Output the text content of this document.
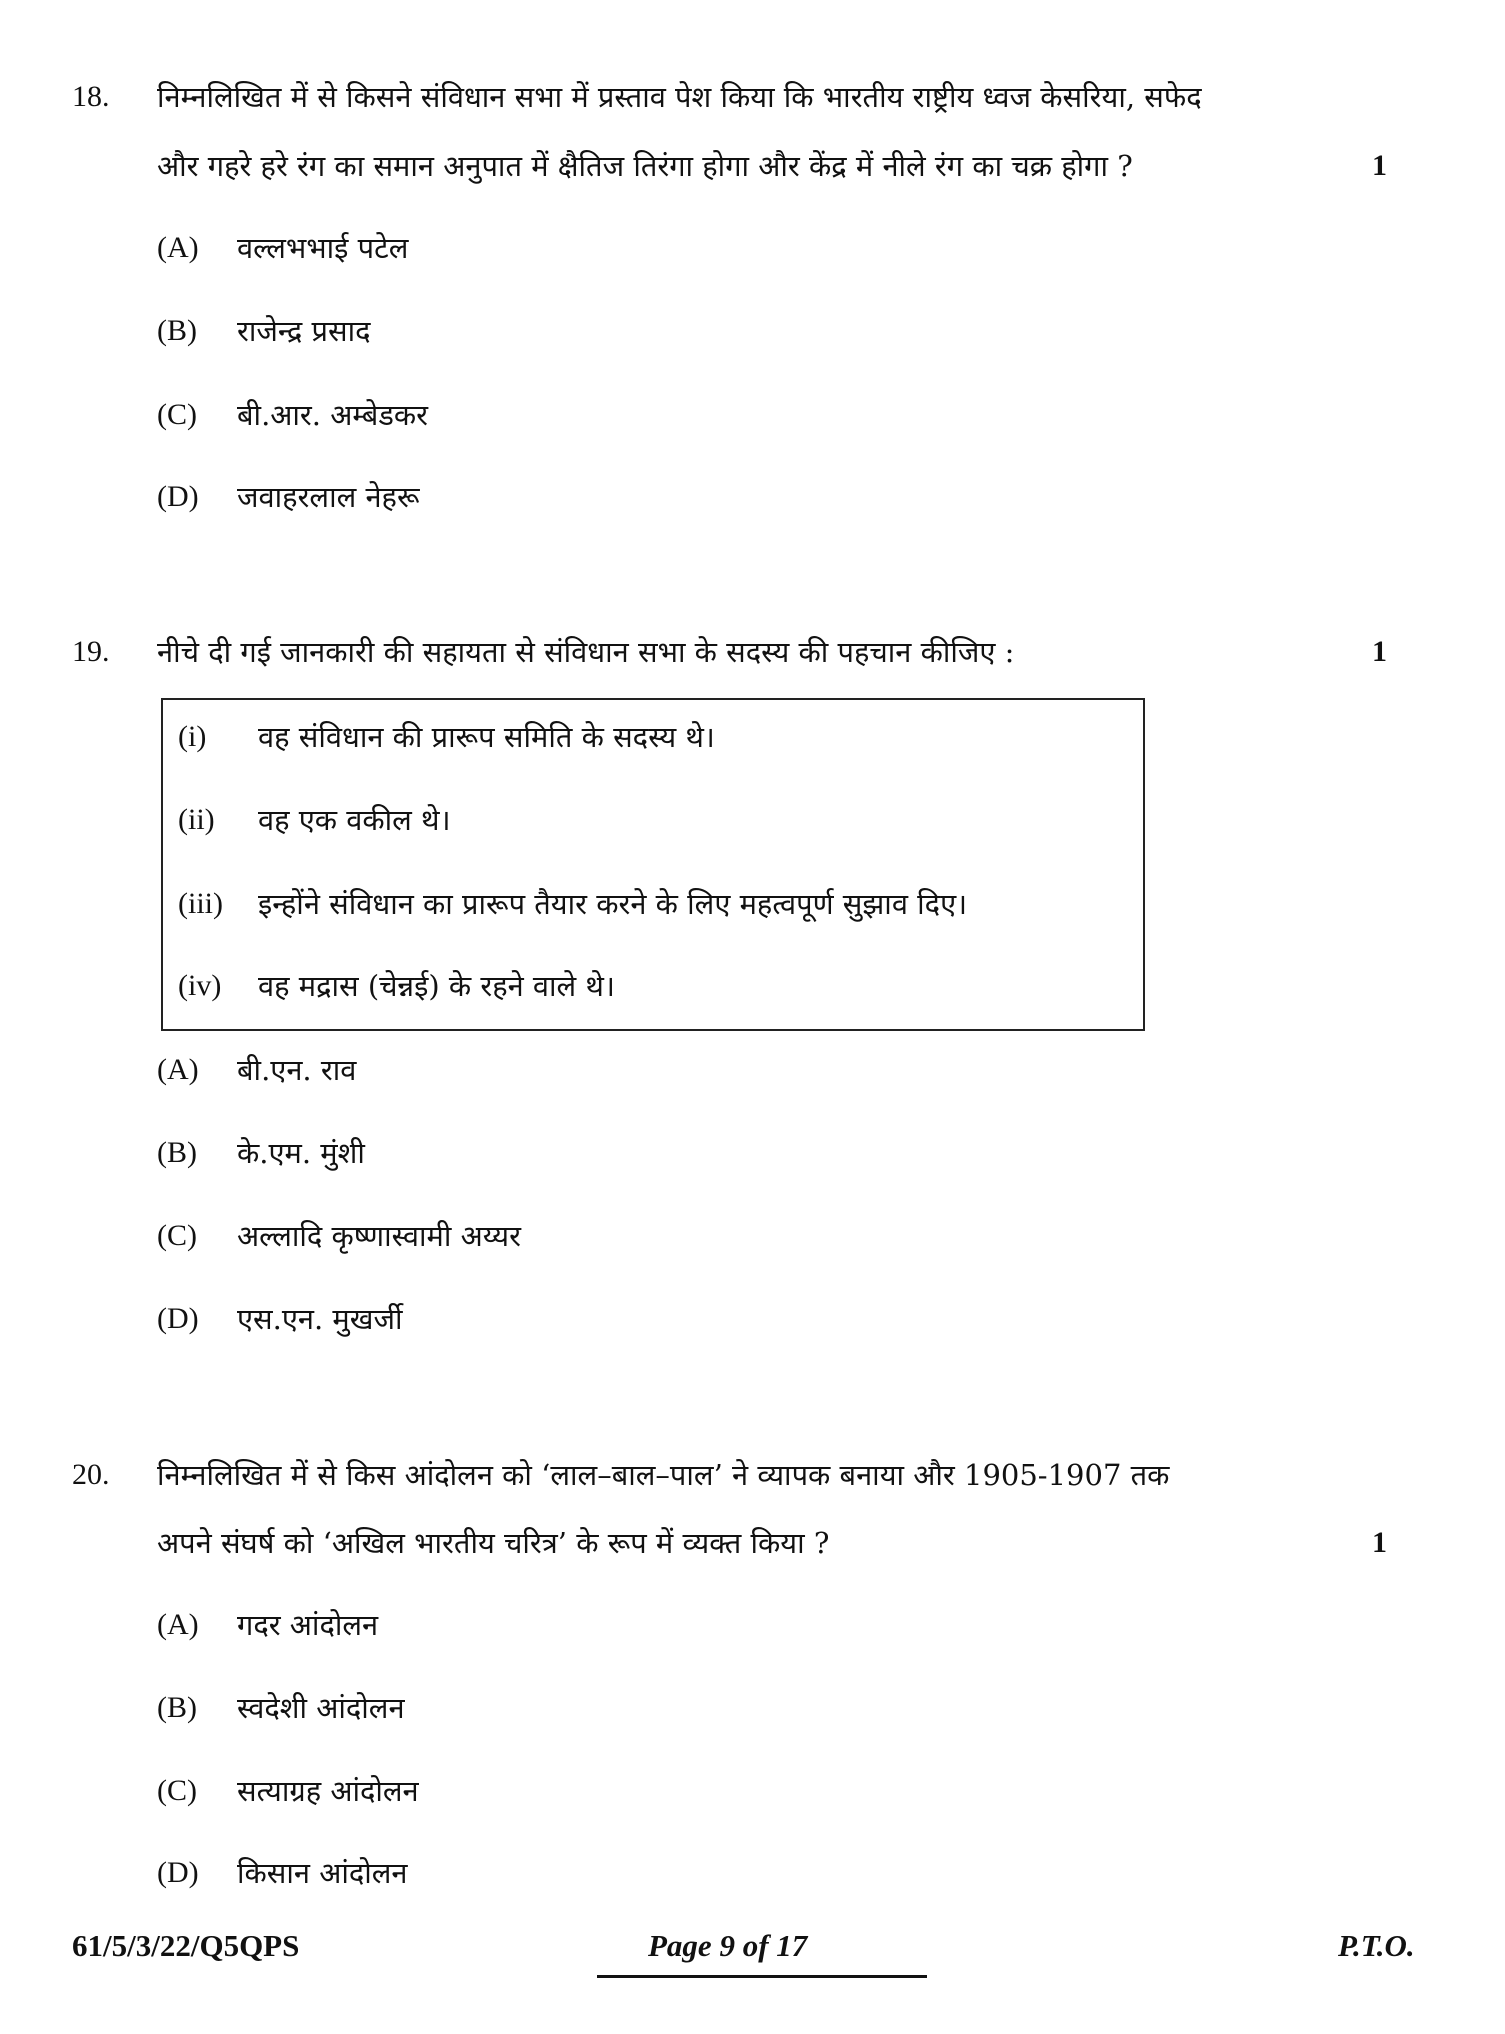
18. निम्नलिखित में से किसने संविधान सभा में प्रस्ताव पेश किया कि भारतीय राष्ट्रीय ध्वज केसरिया, सफेद
और गहरे हरे रंग का समान अनुपात में क्षैतिज तिरंगा होगा और केंद्र में नीले रंग का चक्र होगा ?	1
(A) वल्लभभाई पटेल
(B) राजेन्द्र प्रसाद
(C) बी.आर. अम्बेडकर
(D) जवाहरलाल नेहरू
19. नीचे दी गई जानकारी की सहायता से संविधान सभा के सदस्य की पहचान कीजिए :	1
(i) वह संविधान की प्रारूप समिति के सदस्य थे।
(ii) वह एक वकील थे।
(iii) इन्होंने संविधान का प्रारूप तैयार करने के लिए महत्वपूर्ण सुझाव दिए।
(iv) वह मद्रास (चेन्नई) के रहने वाले थे।
(A) बी.एन. राव
(B) के.एम. मुंशी
(C) अल्लादि कृष्णास्वामी अय्यर
(D) एस.एन. मुखर्जी
20. निम्नलिखित में से किस आंदोलन को ‘लाल–बाल–पाल’ ने व्यापक बनाया और 1905-1907 तक
अपने संघर्ष को ‘अखिल भारतीय चरित्र’ के रूप में व्यक्त किया ?	1
(A) गदर आंदोलन
(B) स्वदेशी आंदोलन
(C) सत्याग्रह आंदोलन
(D) किसान आंदोलन
61/5/3/22/Q5QPS	Page 9 of 17	P.T.O.
